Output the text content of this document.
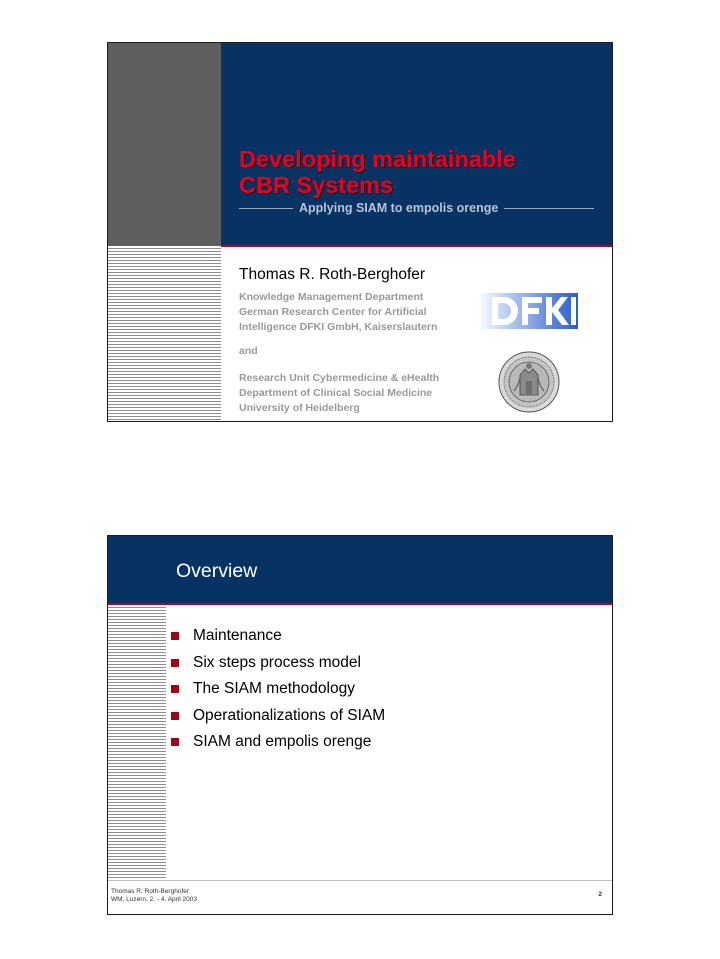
Developing maintainable
CBR Systems
Applying SIAM to empolis orenge
Thomas R. Roth-Berghofer
Knowledge Management Department
German Research Center for Artificial
Intelligence DFKI GmbH, Kaiserslautern
and
Research Unit Cybermedicine & eHealth
Department of Clinical Social Medicine
University of Heidelberg
Overview
Maintenance
Six steps process model
The SIAM methodology
Operationalizations of SIAM
SIAM and empolis orenge
Thomas R. Roth-Berghofer
WM, Luzern, 2. - 4. April 2003
2
